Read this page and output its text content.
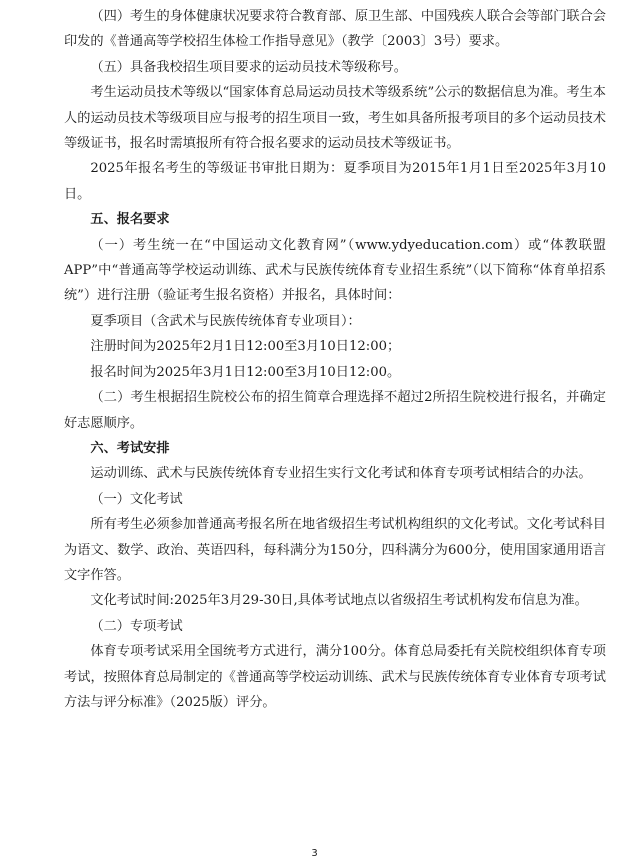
（四）考生的身体健康状况要求符合教育部、原卫生部、中国残疾人联合会等部门联合会印发的《普通高等学校招生体检工作指导意见》（教学〔2003〕3号）要求。

（五）具备我校招生项目要求的运动员技术等级称号。

考生运动员技术等级以“国家体育总局运动员技术等级系统”公示的数据信息为准。考生本人的运动员技术等级项目应与报考的招生项目一致，考生如具备所报考项目的多个运动员技术等级证书，报名时需填报所有符合报名要求的运动员技术等级证书。

2025年报名考生的等级证书审批日期为：夏季项目为2015年1月1日至2025年3月10日。

五、报名要求

（一）考生统一在“中国运动文化教育网”（www.ydyeducation.com）或“体教联盟APP”中“普通高等学校运动训练、武术与民族传统体育专业招生系统”（以下简称“体育单招系统”）进行注册（验证考生报名资格）并报名，具体时间：

夏季项目（含武术与民族传统体育专业项目）：

注册时间为2025年2月1日12:00至3月10日12:00；

报名时间为2025年3月1日12:00至3月10日12:00。

（二）考生根据招生院校公布的招生简章合理选择不超过2所招生院校进行报名，并确定好志愿顺序。

六、考试安排

运动训练、武术与民族传统体育专业招生实行文化考试和体育专项考试相结合的办法。

（一）文化考试

所有考生必须参加普通高考报名所在地省级招生考试机构组织的文化考试。文化考试科目为语文、数学、政治、英语四科，每科满分为150分，四科满分为600分，使用国家通用语言文字作答。

文化考试时间:2025年3月29-30日,具体考试地点以省级招生考试机构发布信息为准。

（二）专项考试

体育专项考试采用全国统考方式进行，满分100分。体育总局委托有关院校组织体育专项考试，按照体育总局制定的《普通高等学校运动训练、武术与民族传统体育专业体育专项考试方法与评分标准》（2025版）评分。

3
